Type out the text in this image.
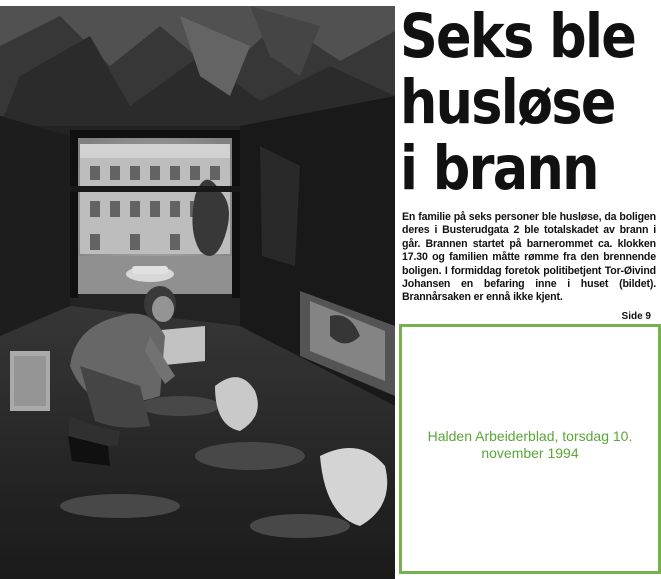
Seks ble
husløse
i brann

En familie på seks personer ble husløse, da boligen deres i Busterudgata 2 ble totalskadet av brann i går. Brannen startet på barnerommet ca. klokken 17.30 og familien måtte rømme fra den brennende boligen. I formiddag foretok politibetjent Tor-Øivind Johansen en befaring inne i huset (bildet). Brannårsaken er ennå ikke kjent.

Side 9
Halden Arbeiderblad, torsdag 10. november 1994
